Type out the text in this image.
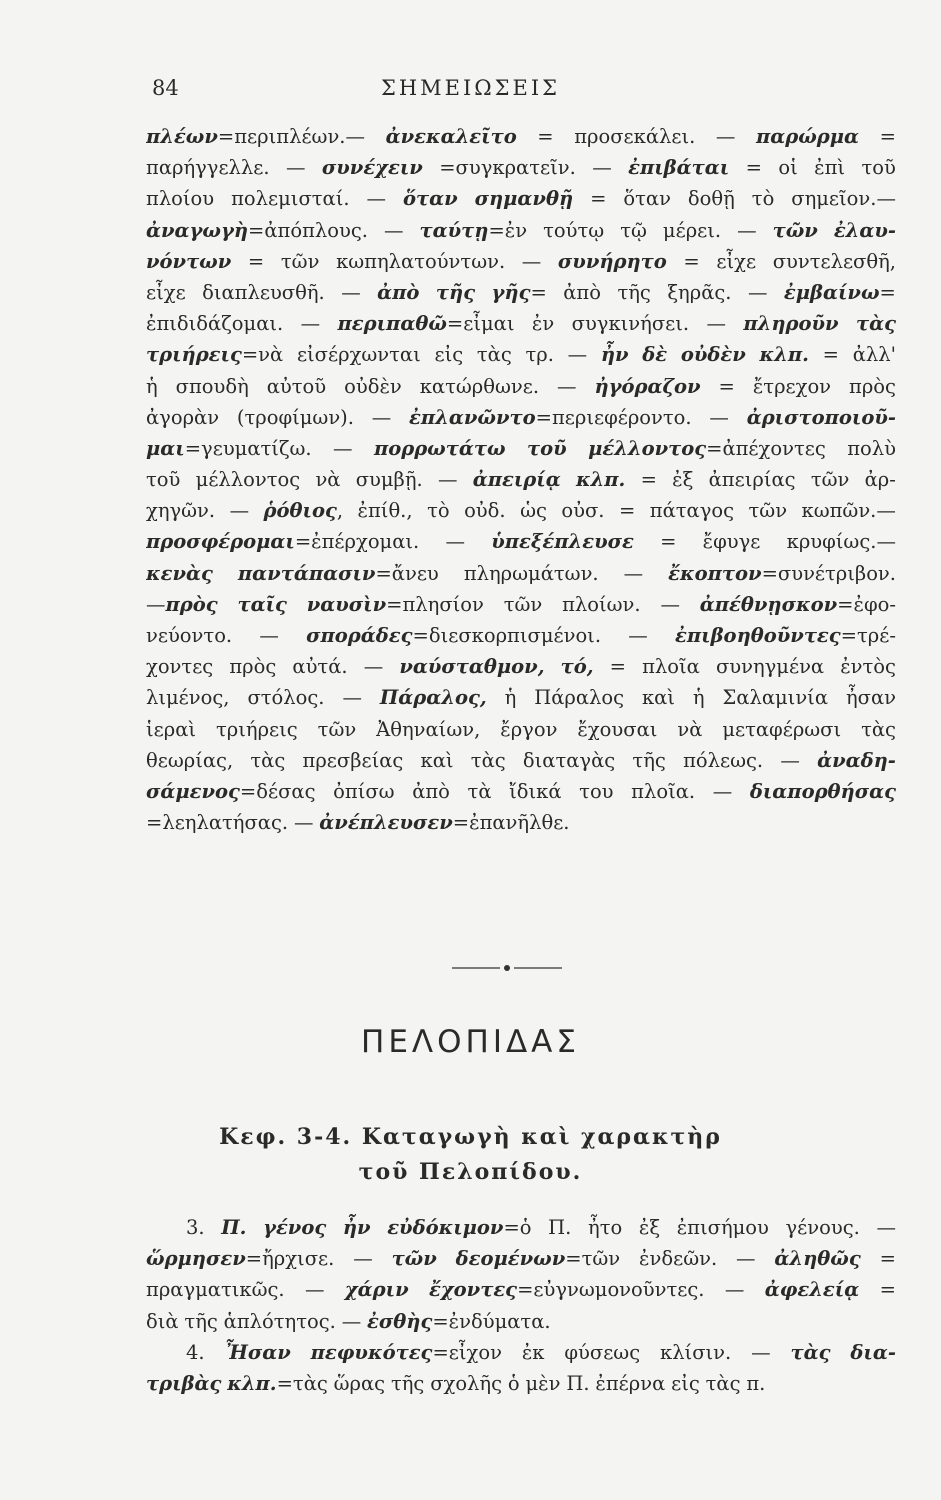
84	ΣΗΜΕΙΩΣΕΙΣ
πλέων=περιπλέων.— ἀνεκαλεῖτο = προσεκάλει. — παρώρμα =
παρήγγελλε. — συνέχειν =συγκρατεῖν. — ἐπιβάται = οἱ ἐπὶ τοῦ
πλοίου πολεμισταί. — ὅταν σημανθῇ = ὅταν δοθῇ τὸ σημεῖον.—
ἀναγωγὴ=ἀπόπλους. — ταύτῃ=ἐν τούτῳ τῷ μέρει. — τῶν ἐλαυ-
νόντων = τῶν κωπηλατούντων. — συνήρητο = εἶχε συντελεσθῆ,
εἶχε διαπλευσθῆ. — ἀπὸ τῆς γῆς= ἀπὸ τῆς ξηρᾶς. — ἐμβαίνω=
ἐπιδιδάζομαι. — περιπαθῶ=εἶμαι ἐν συγκινήσει. — πληροῦν τὰς
τριήρεις=νὰ εἰσέρχωνται εἰς τὰς τρ. — ἦν δὲ οὐδὲν κλπ. = ἀλλ'
ἡ σπουδὴ αὐτοῦ οὐδὲν κατώρθωνε. — ἠγόραζον = ἔτρεχον πρὸς
ἀγορὰν (τροφίμων). — ἐπλανῶντο=περιεφέροντο. — ἀριστοποιοῦ-
μαι=γευματίζω. — πορρωτάτω τοῦ μέλλοντος=ἀπέχοντες πολὺ
τοῦ μέλλοντος νὰ συμβῇ. — ἀπειρίᾳ κλπ. = ἐξ ἀπειρίας τῶν ἀρ-
χηγῶν. — ῥόθιος, ἐπίθ., τὸ οὐδ. ὡς οὐσ. = πάταγος τῶν κωπῶν.—
προσφέρομαι=ἐπέρχομαι. — ὑπεξέπλευσε = ἔφυγε κρυφίως.—
κενὰς παντάπασιν=ἄνευ πληρωμάτων. — ἔκοπτον=συνέτριβον.
—πρὸς ταῖς ναυσὶν=πλησίον τῶν πλοίων. — ἀπέθνῃσκον=ἐφο-
νεύοντο. — σποράδες=διεσκορπισμένοι. — ἐπιβοηθοῦντες=τρέ-
χοντες πρὸς αὐτά. — ναύσταθμον, τό, = πλοῖα συνηγμένα ἐντὸς
λιμένος, στόλος. — Πάραλος, ἡ Πάραλος καὶ ἡ Σαλαμινία ἦσαν
ἱεραὶ τριήρεις τῶν Ἀθηναίων, ἔργον ἔχουσαι νὰ μεταφέρωσι τὰς
θεωρίας, τὰς πρεσβείας καὶ τὰς διαταγὰς τῆς πόλεως. — ἀναδη-
σάμενος=δέσας ὀπίσω ἀπὸ τὰ ἴδικά του πλοῖα. — διαπορθήσας
=λεηλατήσας. — ἀνέπλευσεν=ἐπανῆλθε.
ΠΕΛΟΠΙΔΑΣ
Κεφ. 3-4. Καταγωγὴ καὶ χαρακτὴρ
τοῦ Πελοπίδου.
3. Π. γένος ἦν εὐδόκιμον=ὁ Π. ἦτο ἐξ ἐπισήμου γένους. —
ὥρμησεν=ἤρχισε. — τῶν δεομένων=τῶν ἐνδεῶν. — ἀληθῶς =
πραγματικῶς. — χάριν ἔχοντες=εὐγνωμονοῦντες. — ἀφελείᾳ =
διὰ τῆς ἁπλότητος. — ἐσθὴς=ἐνδύματα.
4. Ἦσαν πεφυκότες=εἶχον ἐκ φύσεως κλίσιν. — τὰς δια-
τριβὰς κλπ.=τὰς ὥρας τῆς σχολῆς ὁ μὲν Π. ἐπέρνα εἰς τὰς π.
